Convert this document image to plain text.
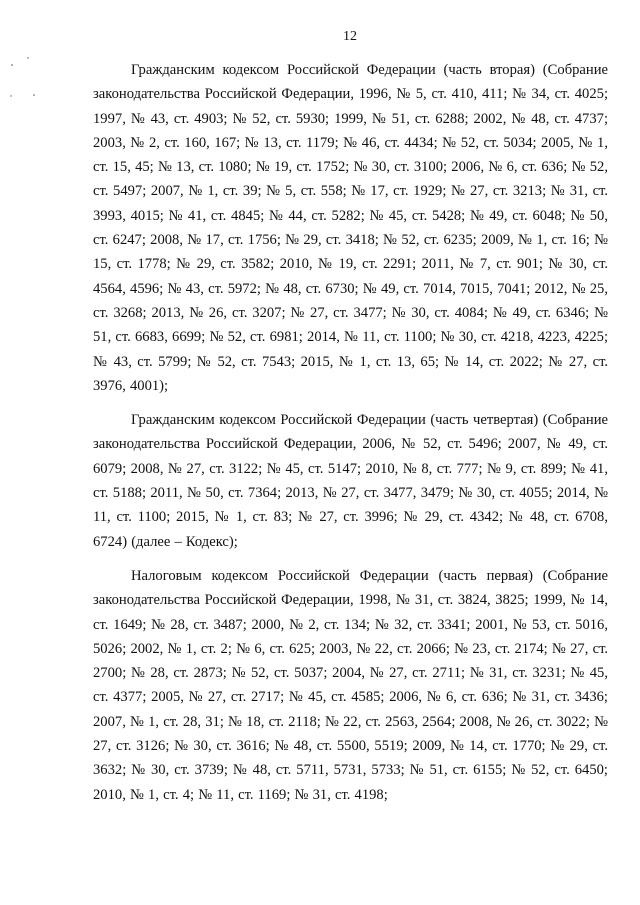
12

Гражданским кодексом Российской Федерации (часть вторая) (Собрание законодательства Российской Федерации, 1996, № 5, ст. 410, 411; № 34, ст. 4025; 1997, № 43, ст. 4903; № 52, ст. 5930; 1999, № 51, ст. 6288; 2002, № 48, ст. 4737; 2003, № 2, ст. 160, 167; № 13, ст. 1179; № 46, ст. 4434; № 52, ст. 5034; 2005, № 1, ст. 15, 45; № 13, ст. 1080; № 19, ст. 1752; № 30, ст. 3100; 2006, № 6, ст. 636; № 52, ст. 5497; 2007, № 1, ст. 39; № 5, ст. 558; № 17, ст. 1929; № 27, ст. 3213; № 31, ст. 3993, 4015; № 41, ст. 4845; № 44, ст. 5282; № 45, ст. 5428; № 49, ст. 6048; № 50, ст. 6247; 2008, № 17, ст. 1756; № 29, ст. 3418; № 52, ст. 6235; 2009, № 1, ст. 16; № 15, ст. 1778; № 29, ст. 3582; 2010, № 19, ст. 2291; 2011, № 7, ст. 901; № 30, ст. 4564, 4596; № 43, ст. 5972; № 48, ст. 6730; № 49, ст. 7014, 7015, 7041; 2012, № 25, ст. 3268; 2013, № 26, ст. 3207; № 27, ст. 3477; № 30, ст. 4084; № 49, ст. 6346; № 51, ст. 6683, 6699; № 52, ст. 6981; 2014, № 11, ст. 1100; № 30, ст. 4218, 4223, 4225; № 43, ст. 5799; № 52, ст. 7543; 2015, № 1, ст. 13, 65; № 14, ст. 2022; № 27, ст. 3976, 4001);

Гражданским кодексом Российской Федерации (часть четвертая) (Собрание законодательства Российской Федерации, 2006, № 52, ст. 5496; 2007, № 49, ст. 6079; 2008, № 27, ст. 3122; № 45, ст. 5147; 2010, № 8, ст. 777; № 9, ст. 899; № 41, ст. 5188; 2011, № 50, ст. 7364; 2013, № 27, ст. 3477, 3479; № 30, ст. 4055; 2014, № 11, ст. 1100; 2015, № 1, ст. 83; № 27, ст. 3996; № 29, ст. 4342; № 48, ст. 6708, 6724) (далее – Кодекс);

Налоговым кодексом Российской Федерации (часть первая) (Собрание законодательства Российской Федерации, 1998, № 31, ст. 3824, 3825; 1999, № 14, ст. 1649; № 28, ст. 3487; 2000, № 2, ст. 134; № 32, ст. 3341; 2001, № 53, ст. 5016, 5026; 2002, № 1, ст. 2; № 6, ст. 625; 2003, № 22, ст. 2066; № 23, ст. 2174; № 27, ст. 2700; № 28, ст. 2873; № 52, ст. 5037; 2004, № 27, ст. 2711; № 31, ст. 3231; № 45, ст. 4377; 2005, № 27, ст. 2717; № 45, ст. 4585; 2006, № 6, ст. 636; № 31, ст. 3436; 2007, № 1, ст. 28, 31; № 18, ст. 2118; № 22, ст. 2563, 2564; 2008, № 26, ст. 3022; № 27, ст. 3126; № 30, ст. 3616; № 48, ст. 5500, 5519; 2009, № 14, ст. 1770; № 29, ст. 3632; № 30, ст. 3739; № 48, ст. 5711, 5731, 5733; № 51, ст. 6155; № 52, ст. 6450; 2010, № 1, ст. 4; № 11, ст. 1169; № 31, ст. 4198;
